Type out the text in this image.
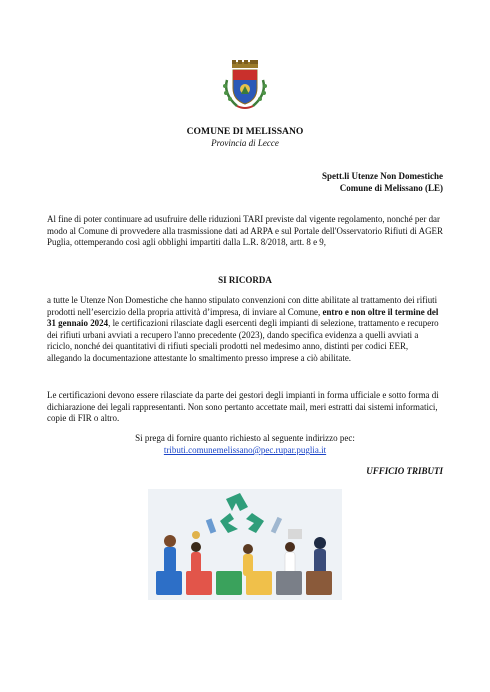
COMUNE DI MELISSANO
Provincia di Lecce
Spett.li Utenze Non Domestiche
Comune di Melissano (LE)
Al fine di poter continuare ad usufruire delle riduzioni TARI previste dal vigente regolamento, nonché per dar modo al Comune di provvedere alla trasmissione dati ad ARPA e sul Portale dell'Osservatorio Rifiuti di AGER Puglia, ottemperando così agli obblighi impartiti dalla L.R. 8/2018, artt. 8 e 9,
SI RICORDA
a tutte le Utenze Non Domestiche che hanno stipulato convenzioni con ditte abilitate al trattamento dei rifiuti prodotti nell’esercizio della propria attività d’impresa, di inviare al Comune, entro e non oltre il termine del 31 gennaio 2024, le certificazioni rilasciate dagli esercenti degli impianti di selezione, trattamento e recupero dei rifiuti urbani avviati a recupero l'anno precedente (2023), dando specifica evidenza a quelli avviati a riciclo, nonché dei quantitativi di rifiuti speciali prodotti nel medesimo anno, distinti per codici EER, allegando la documentazione attestante lo smaltimento presso imprese a ciò abilitate.
Le certificazioni devono essere rilasciate da parte dei gestori degli impianti in forma ufficiale e sotto forma di dichiarazione dei legali rappresentanti. Non sono pertanto accettate mail, meri estratti dai sistemi informatici, copie di FIR o altro.
Si prega di fornire quanto richiesto al seguente indirizzo pec:
tributi.comunemelissano@pec.rupar.puglia.it
UFFICIO TRIBUTI
